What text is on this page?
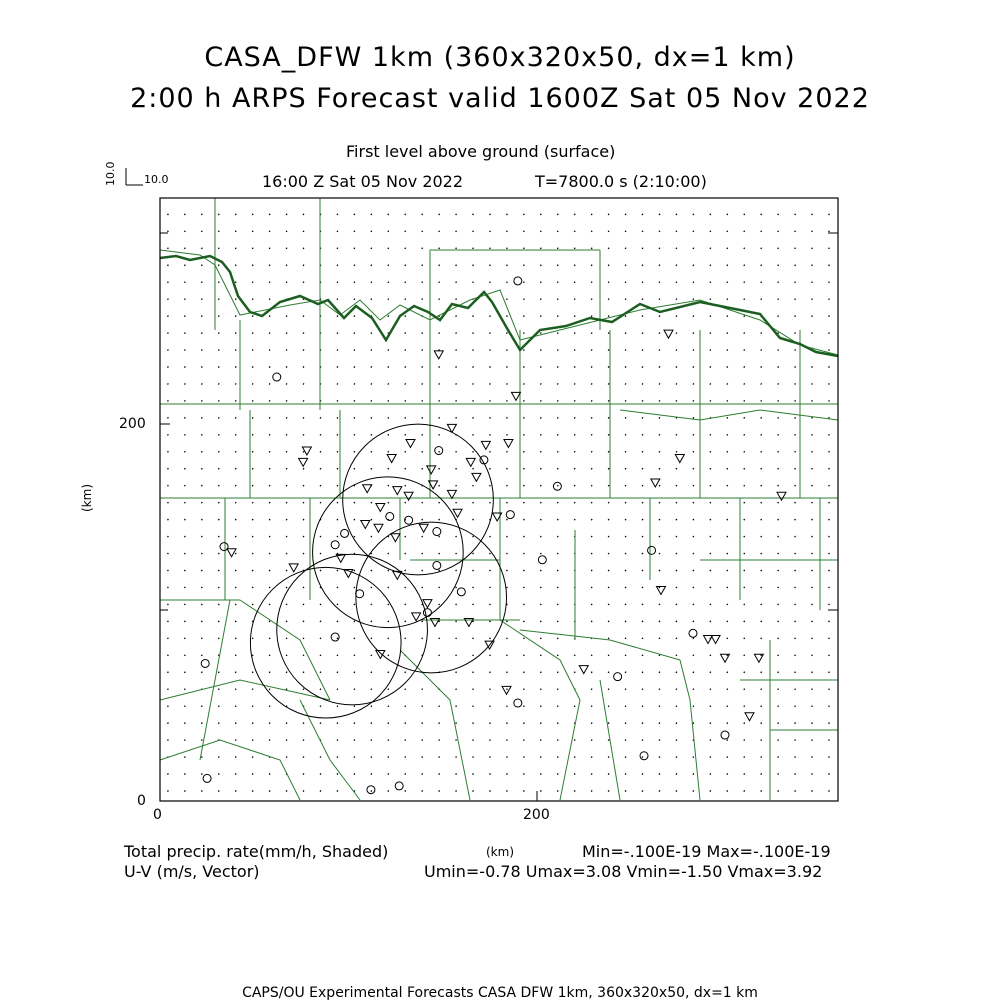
CASA_DFW 1km (360x320x50, dx=1 km)
2:00 h ARPS Forecast valid 1600Z Sat 05 Nov 2022
First level above ground (surface)
16:00 Z Sat 05 Nov 2022	T=7800.0 s (2:10:00)
10.0
10.0
(km)
200
0
0	200
(km)
Total precip. rate(mm/h, Shaded)
U-V (m/s, Vector)
Min=-.100E-19 Max=-.100E-19
Umin=-0.78 Umax=3.08 Vmin=-1.50 Vmax=3.92
CAPS/OU Experimental Forecasts CASA DFW 1km, 360x320x50, dx=1 km
